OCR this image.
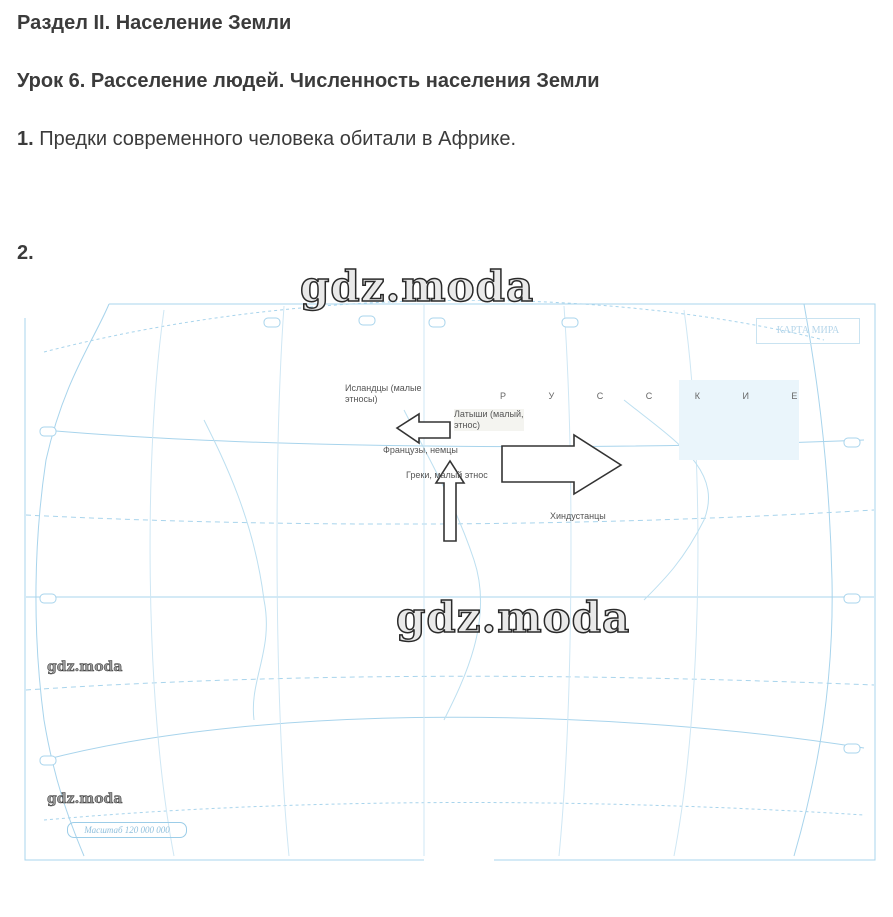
Раздел II. Население Земли
Урок 6. Расселение людей. Численность населения Земли
1. Предки современного человека обитали в Африке.
2.
КАРТА МИРА
Масштаб 120 000 000
Исландцы (малые
этносы)
Латыши (малый,
этнос)
Французы, немцы
Греки, малый этнос
Хиндустанцы
Р У С С К И Е
gdz.moda
gdz.moda
gdz.moda
gdz.moda
